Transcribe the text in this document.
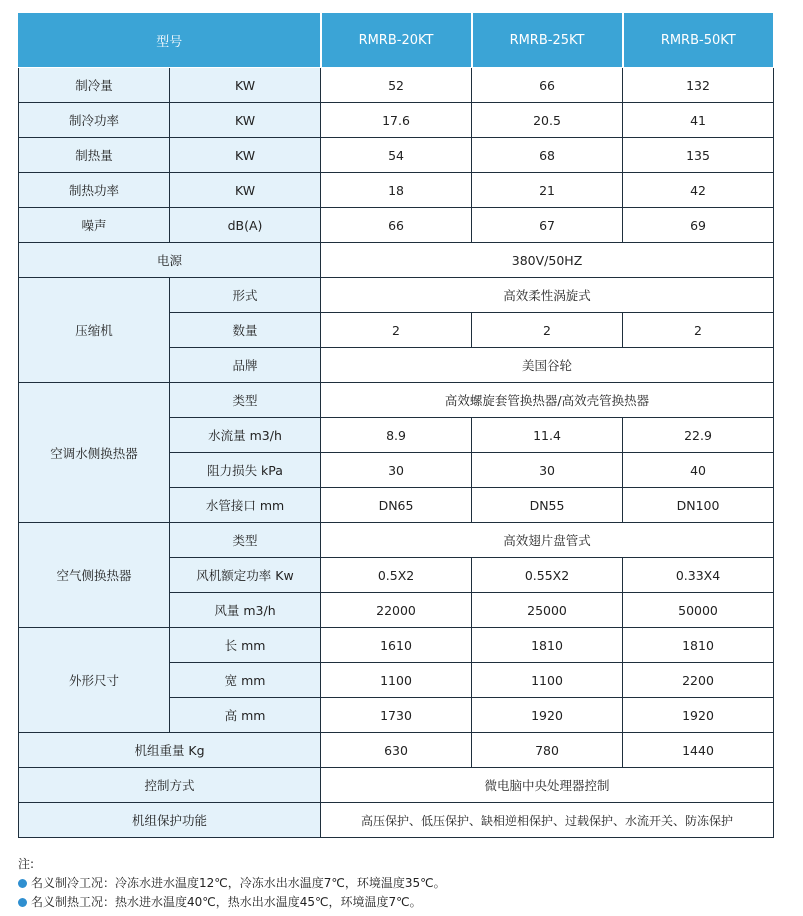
型号		RMRB-20KT	RMRB-25KT	RMRB-50KT
制冷量	KW	52	66	132
制冷功率	KW	17.6	20.5	41
制热量	KW	54	68	135
制热功率	KW	18	21	42
噪声	dB(A)	66	67	69
电源		380V/50HZ		
压缩机	形式	高效柔性涡旋式		
	数量	2	2	2
	品牌	美国谷轮		
空调水侧换热器	类型	高效螺旋套管换热器/高效壳管换热器		
	水流量 m3/h	8.9	11.4	22.9
	阻力损失 kPa	30	30	40
	水管接口 mm	DN65	DN55	DN100
空气侧换热器	类型	高效翅片盘管式		
	风机额定功率 Kw	0.5X2	0.55X2	0.33X4
	风量 m3/h	22000	25000	50000
外形尺寸	长 mm	1610	1810	1810
	宽 mm	1100	1100	2200
	高 mm	1730	1920	1920
机组重量 Kg		630	780	1440
控制方式		微电脑中央处理器控制		
机组保护功能		高压保护、低压保护、缺相逆相保护、过载保护、水流开关、防冻保护		
注:
名义制冷工况：冷冻水进水温度12℃，冷冻水出水温度7℃，环境温度35℃。
名义制热工况：热水进水温度40℃，热水出水温度45℃，环境温度7℃。
